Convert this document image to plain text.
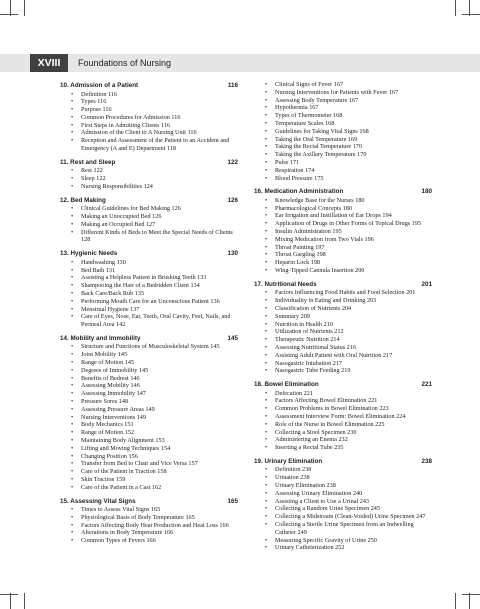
XVIII	Foundations of Nursing
10. Admission of a Patient	116
• Definition 116
• Types 116
• Purpose 116
• Common Procedures for Admission 116
• First Steps in Admitting Clients 116
• Admission of the Client to A Nursing Unit 116
• Reception and Assessment of the Patient to an Accident and Emergency (A and E) Department 118
11. Rest and Sleep	122
• Rest 122
• Sleep 122
• Nursing Responsibilities 124
12. Bed Making	126
• Clinical Guidelines for Bed Making 126
• Making an Unoccupied Bed 126
• Making an Occupied Bed 127
• Different Kinds of Beds to Meet the Special Needs of Clients 128
13. Hygienic Needs	130
• Handwashing 130
• Bed Bath 131
• Assisting a Helpless Patient in Brushing Teeth 133
• Shampooing the Hair of a Bedridden Client 134
• Back Care/Back Rub 135
• Performing Mouth Care for an Unconscious Patient 136
• Menstrual Hygiene 137
• Care of Eyes, Nose, Ear, Teeth, Oral Cavity, Feet, Nails, and Perineal Area 142
14. Mobility and Immobility	145
• Structure and Functions of Musculoskeletal System 145
• Joint Mobility 145
• Range of Motion 145
• Degrees of Immobility 145
• Benefits of Bedrest 146
• Assessing Mobility 146
• Assessing Immobility 147
• Pressure Sores 148
• Assessing Pressure Areas 149
• Nursing Interventions 149
• Body Mechanics 151
• Range of Motion 152
• Maintaining Body Alignment 153
• Lifting and Moving Techniques 154
• Changing Position 156
• Transfer from Bed to Chair and Vice Versa 157
• Care of the Patient in Traction 158
• Skin Traction 159
• Care of the Patient in a Cast 162
15. Assessing Vital Signs	165
• Times to Assess Vital Signs 165
• Physiological Basis of Body Temperature 165
• Factors Affecting Body Heat Production and Heat Loss 166
• Alterations in Body Temperature 166
• Common Types of Fevers 166
• Clinical Signs of Fever 167
• Nursing Interventions for Patients with Fever 167
• Assessing Body Temperature 167
• Hypothermia 167
• Types of Thermometer 168
• Temperature Scales 168
• Guidelines for Taking Vital Signs 168
• Taking the Oral Temperature 169
• Taking the Rectal Temperature 170
• Taking the Axillary Temperature 170
• Pulse 171
• Respiration 174
• Blood Pressure 175
16. Medication Administration	180
• Knowledge Base for the Nurses 180
• Pharmacological Concepts 180
• Ear Irrigation and Instillation of Ear Drops 194
• Application of Drugs in Other Forms of Topical Drugs 195
• Insulin Administration 195
• Mixing Medication from Two Vials 196
• Throat Painting 197
• Throat Gargling 198
• Heparin Lock 198
• Wing-Tipped Cannula Insertion 200
17. Nutritional Needs	201
• Factors Influencing Food Habits and Food Selection 201
• Individuality in Eating and Drinking 203
• Classification of Nutrients 204
• Summary 209
• Nutrition in Health 210
• Utilization of Nutrients 212
• Therapeutic Nutrition 214
• Assessing Nutritional Status 216
• Assisting Adult Patient with Oral Nutrition 217
• Nasogastric Intubation 217
• Nasogastric Tube Feeding 219
18. Bowel Elimination	221
• Defecation 221
• Factors Affecting Bowel Elimination 221
• Common Problems in Bowel Elimination 223
• Assessment Interview Form: Bowel Elimination 224
• Role of the Nurse in Bowel Elimination 225
• Collecting a Stool Specimen 230
• Administering an Enema 232
• Inserting a Rectal Tube 235
19. Urinary Elimination	238
• Definition 238
• Urination 238
• Urinary Elimination 238
• Assessing Urinary Elimination 240
• Assisting a Client to Use a Urinal 243
• Collecting a Random Urine Specimen 245
• Collecting a Midstream (Clean-Voided) Urine Specimen 247
• Collecting a Sterile Urine Specimen from an Indwelling Catheter 249
• Measuring Specific Gravity of Urine 250
• Urinary Catheterization 252
